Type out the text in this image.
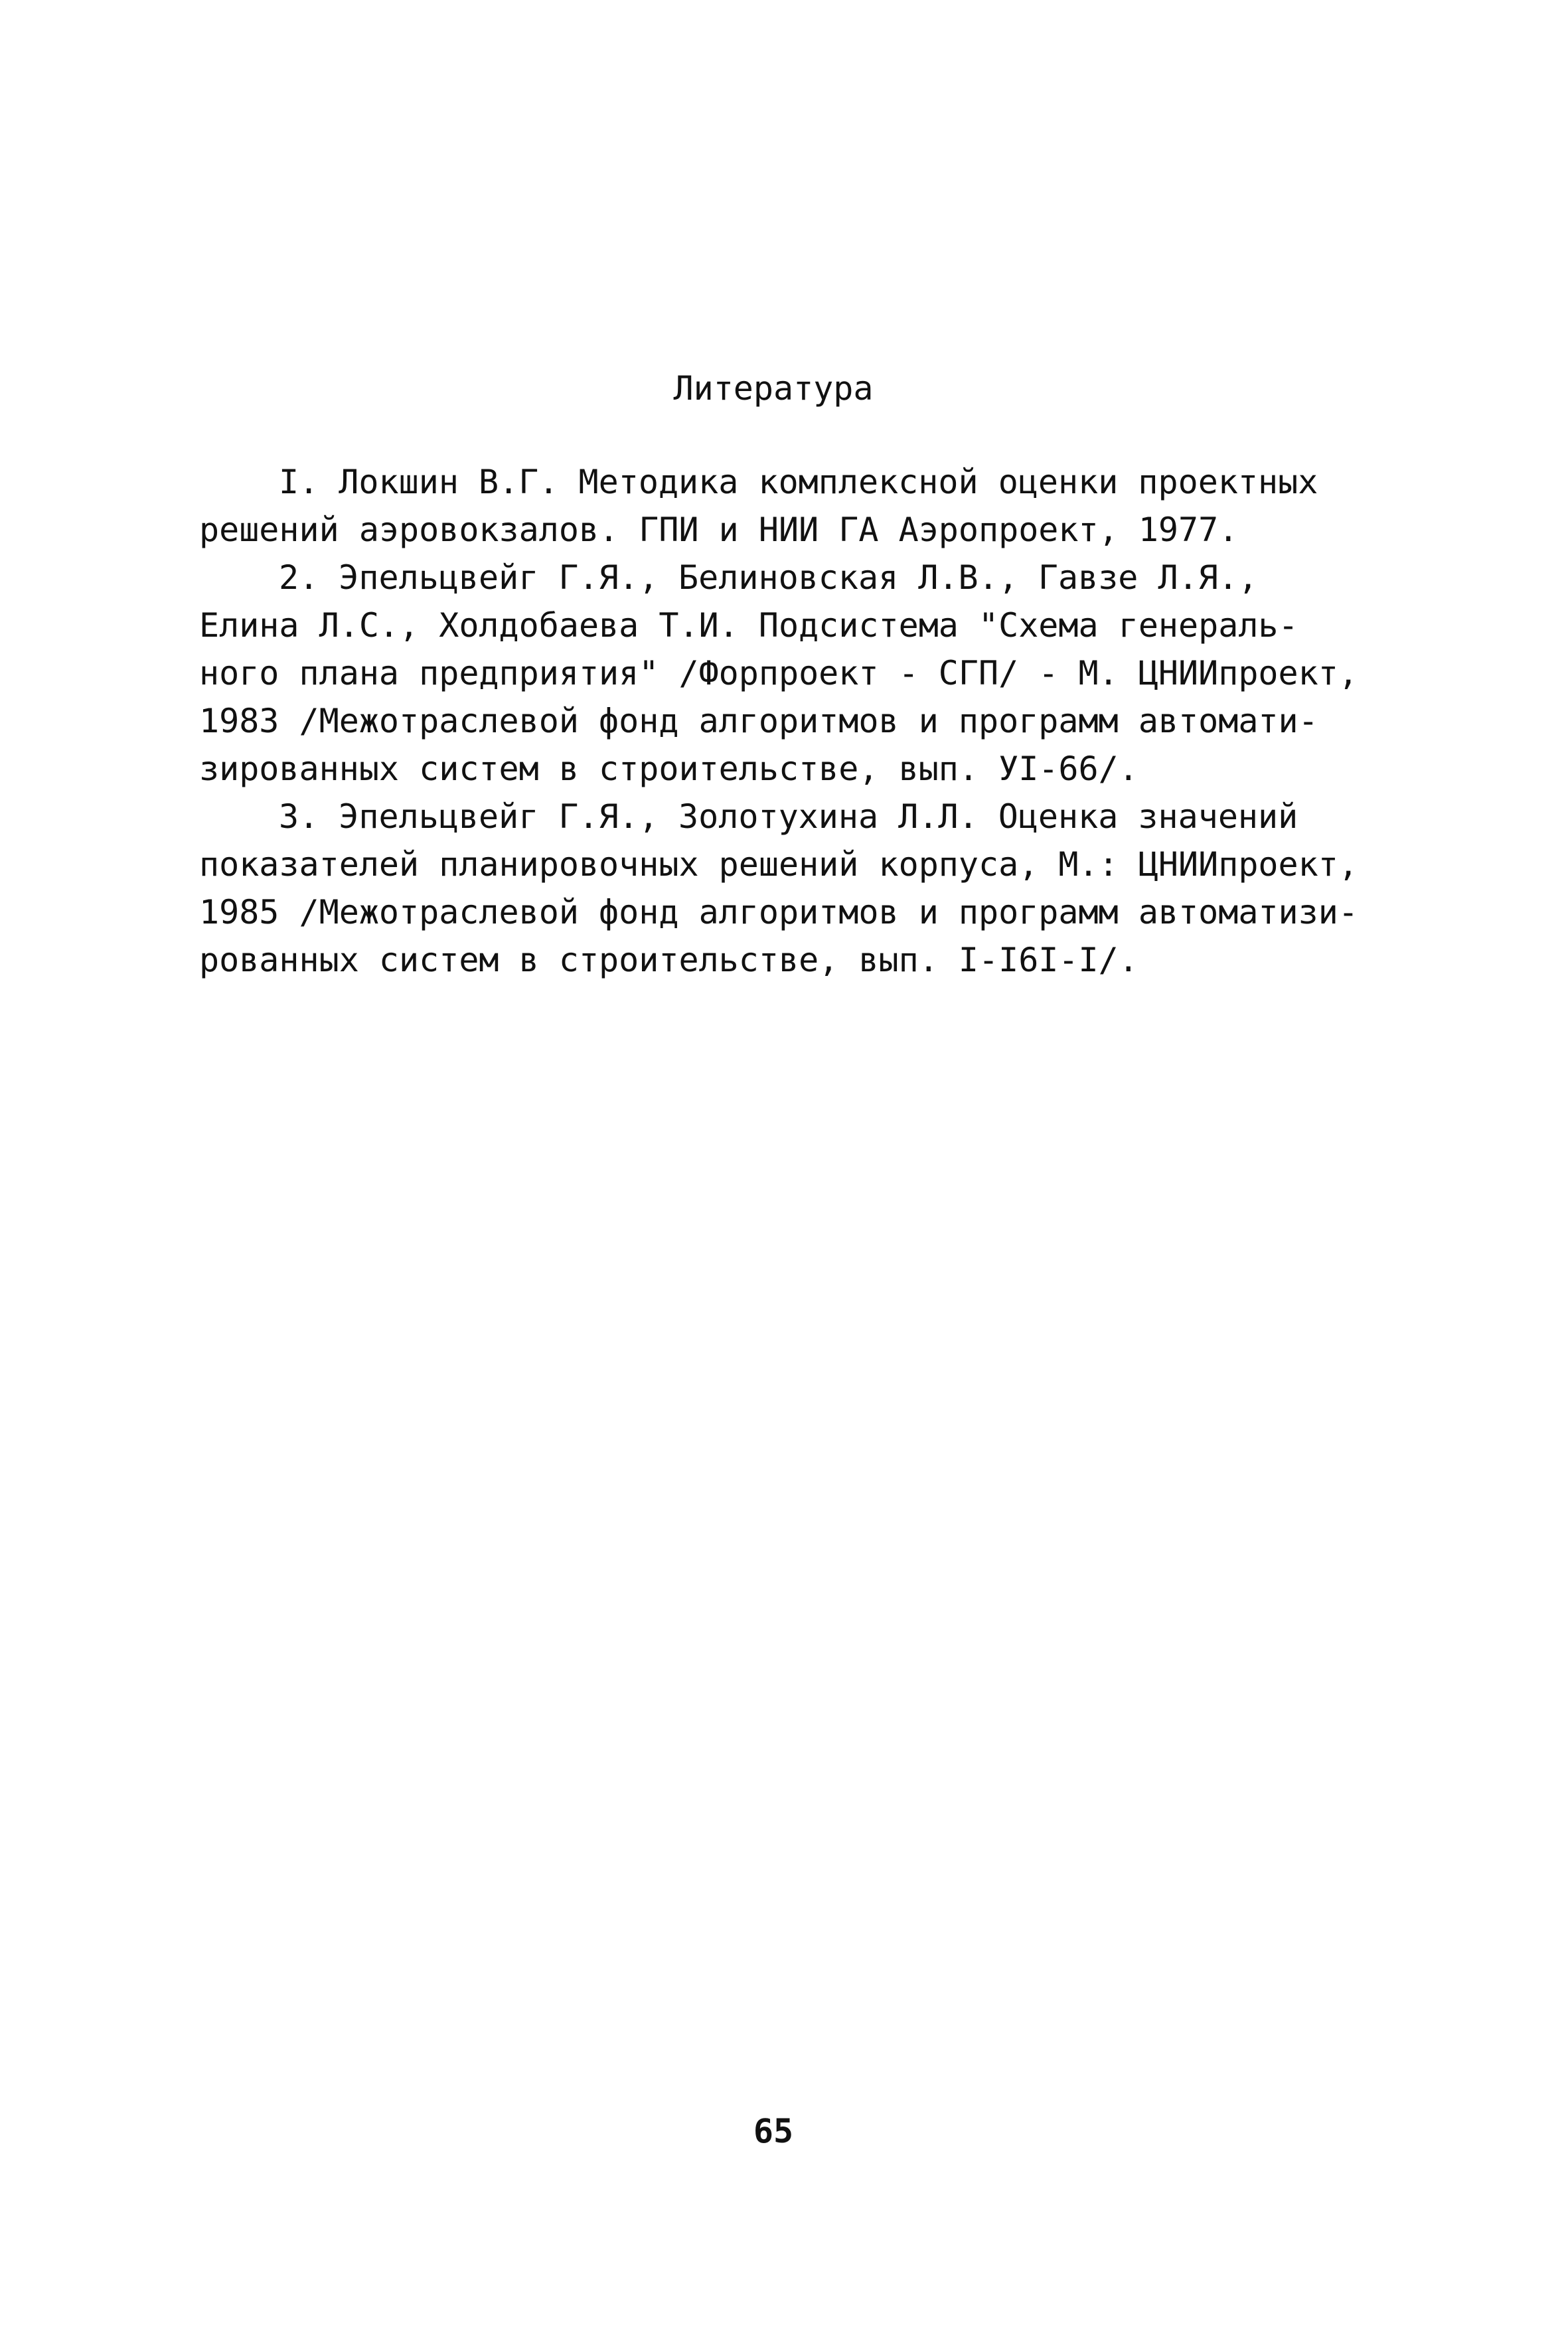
Литература
I. Локшин В.Г. Методика комплексной оценки проектных
решений аэровокзалов. ГПИ и НИИ ГА Аэропроект, 1977.
2. Эпельцвейг Г.Я., Белиновская Л.В., Гавзе Л.Я.,
Елина Л.С., Холдобаева Т.И. Подсистема "Схема генераль-
ного плана предприятия" /Форпроект - СГП/ - М. ЦНИИпроект,
1983 /Межотраслевой фонд алгоритмов и программ автомати-
зированных систем в строительстве, вып. УI-66/.
3. Эпельцвейг Г.Я., Золотухина Л.Л. Оценка значений
показателей планировочных решений корпуса, М.: ЦНИИпроект,
1985 /Межотраслевой фонд алгоритмов и программ автоматизи-
рованных систем в строительстве, вып. I-I6I-I/.
65
